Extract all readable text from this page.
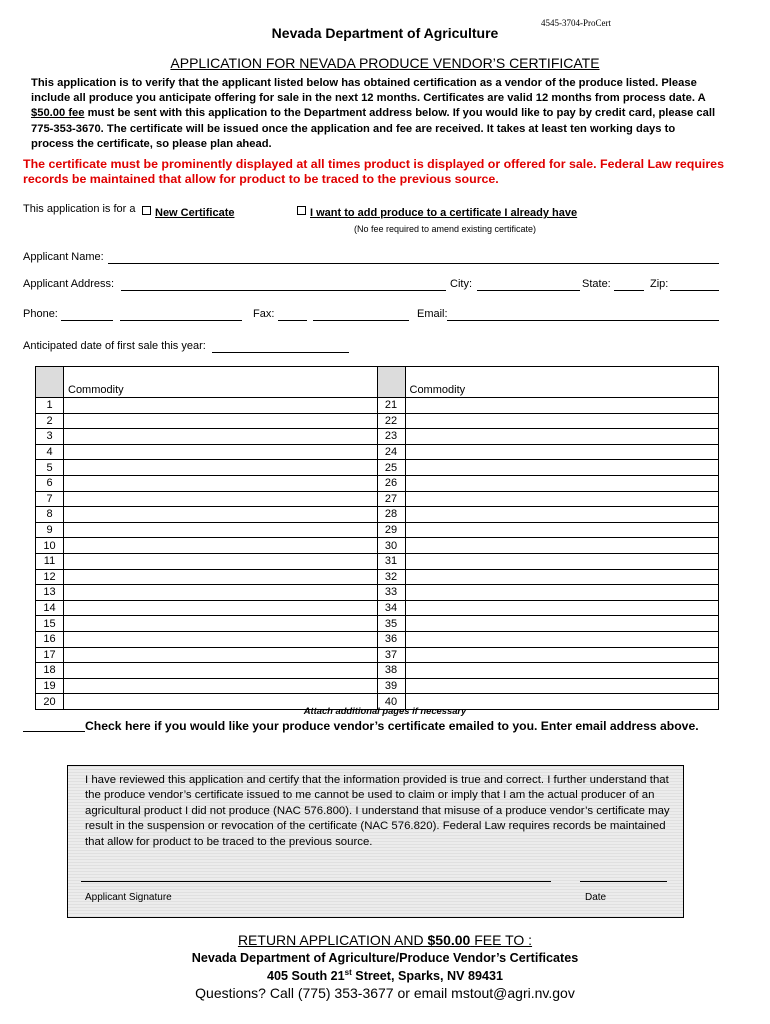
4545-3704-ProCert
Nevada Department of Agriculture
APPLICATION FOR NEVADA PRODUCE VENDOR’S CERTIFICATE
This application is to verify that the applicant listed below has obtained certification as a vendor of the produce listed. Please include all produce you anticipate offering for sale in the next 12 months. Certificates are valid 12 months from process date. A $50.00 fee must be sent with this application to the Department address below. If you would like to pay by credit card, please call 775-353-3670. The certificate will be issued once the application and fee are received. It takes at least ten working days to process the certificate, so please plan ahead.
The certificate must be prominently displayed at all times product is displayed or offered for sale. Federal Law requires records be maintained that allow for product to be traced to the previous source.
This application is for a	New Certificate	I want to add produce to a certificate I already have
(No fee required to amend existing certificate)
Applicant Name:
Applicant Address:	City:	State:	Zip:
Phone:	Fax:	Email:
Anticipated date of first sale this year:
	Commodity		Commodity
1		21	
2		22	
3		23	
4		24	
5		25	
6		26	
7		27	
8		28	
9		29	
10		30	
11		31	
12		32	
13		33	
14		34	
15		35	
16		36	
17		37	
18		38	
19		39	
20		40	
Attach additional pages if necessary
Check here if you would like your produce vendor’s certificate emailed to you. Enter email address above.
I have reviewed this application and certify that the information provided is true and correct. I further understand that the produce vendor’s certificate issued to me cannot be used to claim or imply that I am the actual producer of an agricultural product I did not produce (NAC 576.800). I understand that misuse of a produce vendor’s certificate may result in the suspension or revocation of the certificate (NAC 576.820). Federal Law requires records be maintained that allow for product to be traced to the previous source.
Applicant Signature	Date
RETURN APPLICATION AND $50.00 FEE TO :
Nevada Department of Agriculture/Produce Vendor’s Certificates
405 South 21st Street, Sparks, NV 89431
Questions? Call (775) 353-3677 or email mstout@agri.nv.gov
